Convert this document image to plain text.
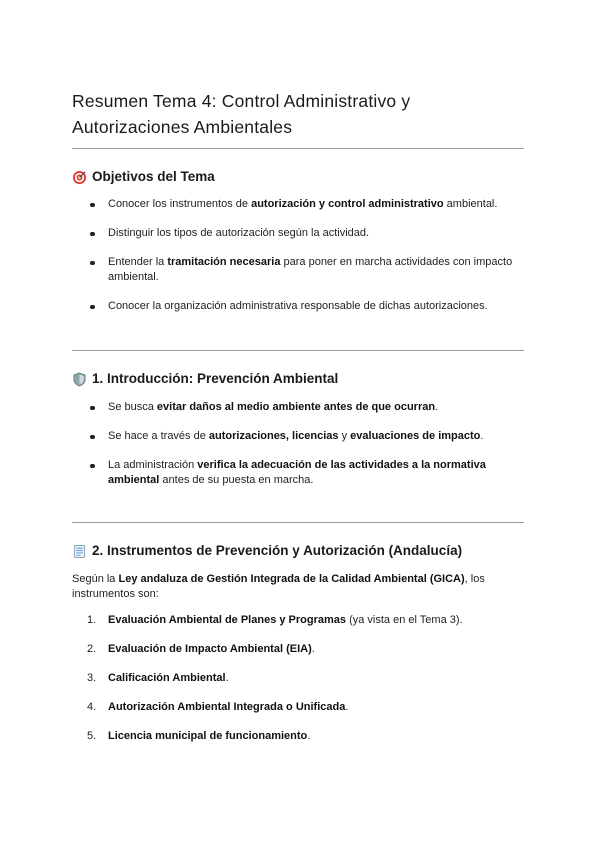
Resumen Tema 4: Control Administrativo y
Autorizaciones Ambientales
Objetivos del Tema
Conocer los instrumentos de autorización y control administrativo ambiental.
Distinguir los tipos de autorización según la actividad.
Entender la tramitación necesaria para poner en marcha actividades con impacto ambiental.
Conocer la organización administrativa responsable de dichas autorizaciones.
1. Introducción: Prevención Ambiental
Se busca evitar daños al medio ambiente antes de que ocurran.
Se hace a través de autorizaciones, licencias y evaluaciones de impacto.
La administración verifica la adecuación de las actividades a la normativa ambiental antes de su puesta en marcha.
2. Instrumentos de Prevención y Autorización (Andalucía)

Según la Ley andaluza de Gestión Integrada de la Calidad Ambiental (GICA), los instrumentos son:

1. Evaluación Ambiental de Planes y Programas (ya vista en el Tema 3).
2. Evaluación de Impacto Ambiental (EIA).
3. Calificación Ambiental.
4. Autorización Ambiental Integrada o Unificada.
5. Licencia municipal de funcionamiento.
